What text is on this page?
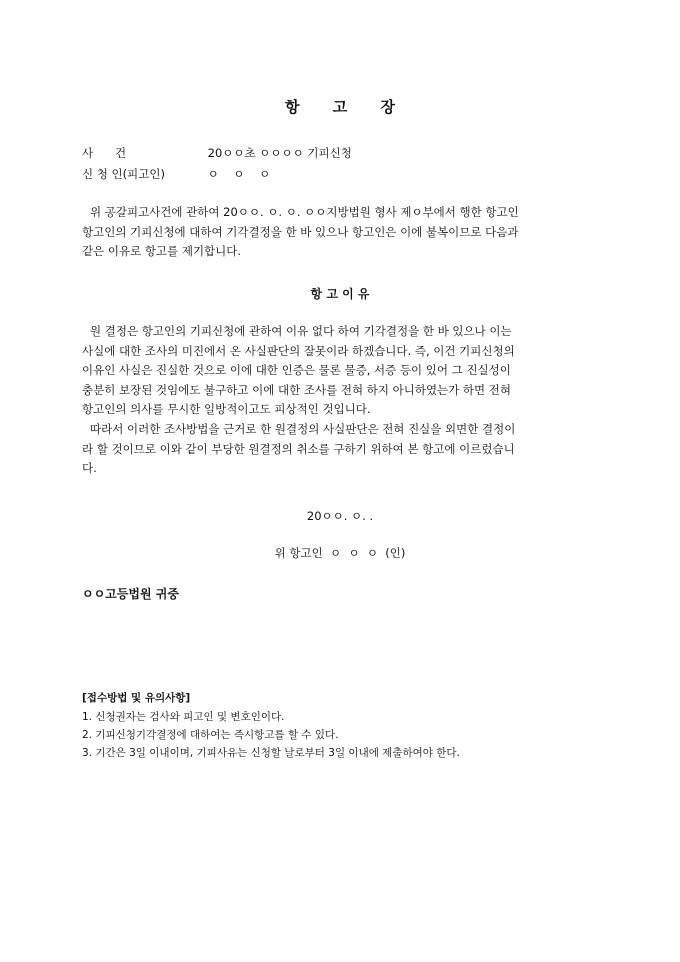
항 고 장
사      건	20ㅇㅇ초 ㅇㅇㅇㅇ 기피신청
신 청 인(피고인)	ㅇ    ㅇ    ㅇ
위 공갈피고사건에 관하여 20ㅇㅇ. ㅇ. ㅇ. ㅇㅇ지방법원 형사 제ㅇ부에서 행한 항고인
항고인의 기피신청에 대하여 기각결정을 한 바 있으나 항고인은 이에 불복이므로 다음과
같은 이유로 항고를 제기합니다.
항 고 이 유
원 결정은 항고인의 기피신청에 관하여 이유 없다 하여 기각결정을 한 바 있으나 이는
사실에 대한 조사의 미진에서 온 사실판단의 잘못이라 하겠습니다. 즉, 이건 기피신청의
이유인 사실은 진실한 것으로 이에 대한 인증은 물론 물증, 서증 등이 있어 그 진실성이
충분히 보장된 것임에도 불구하고 이에 대한 조사를 전혀 하지 아니하였는가 하면 전혀
항고인의 의사를 무시한 일방적이고도 피상적인 것입니다.
따라서 이러한 조사방법을 근거로 한 원결정의 사실판단은 전혀 진실을 외면한 결정이
라 할 것이므로 이와 같이 부당한 원결정의 취소를 구하기 위하여 본 항고에 이르렀습니
다.
20ㅇㅇ. ㅇ. .
위 항고인  ㅇ  ㅇ  ㅇ  (인)
ㅇㅇ고등법원 귀중
[접수방법 및 유의사항]
1. 신청권자는 검사와 피고인 및 변호인이다.
2. 기피신청기각결정에 대하여는 즉시항고를 할 수 있다.
3. 기간은 3일 이내이며, 기피사유는 신청할 날로부터 3일 이내에 제출하여야 한다.
